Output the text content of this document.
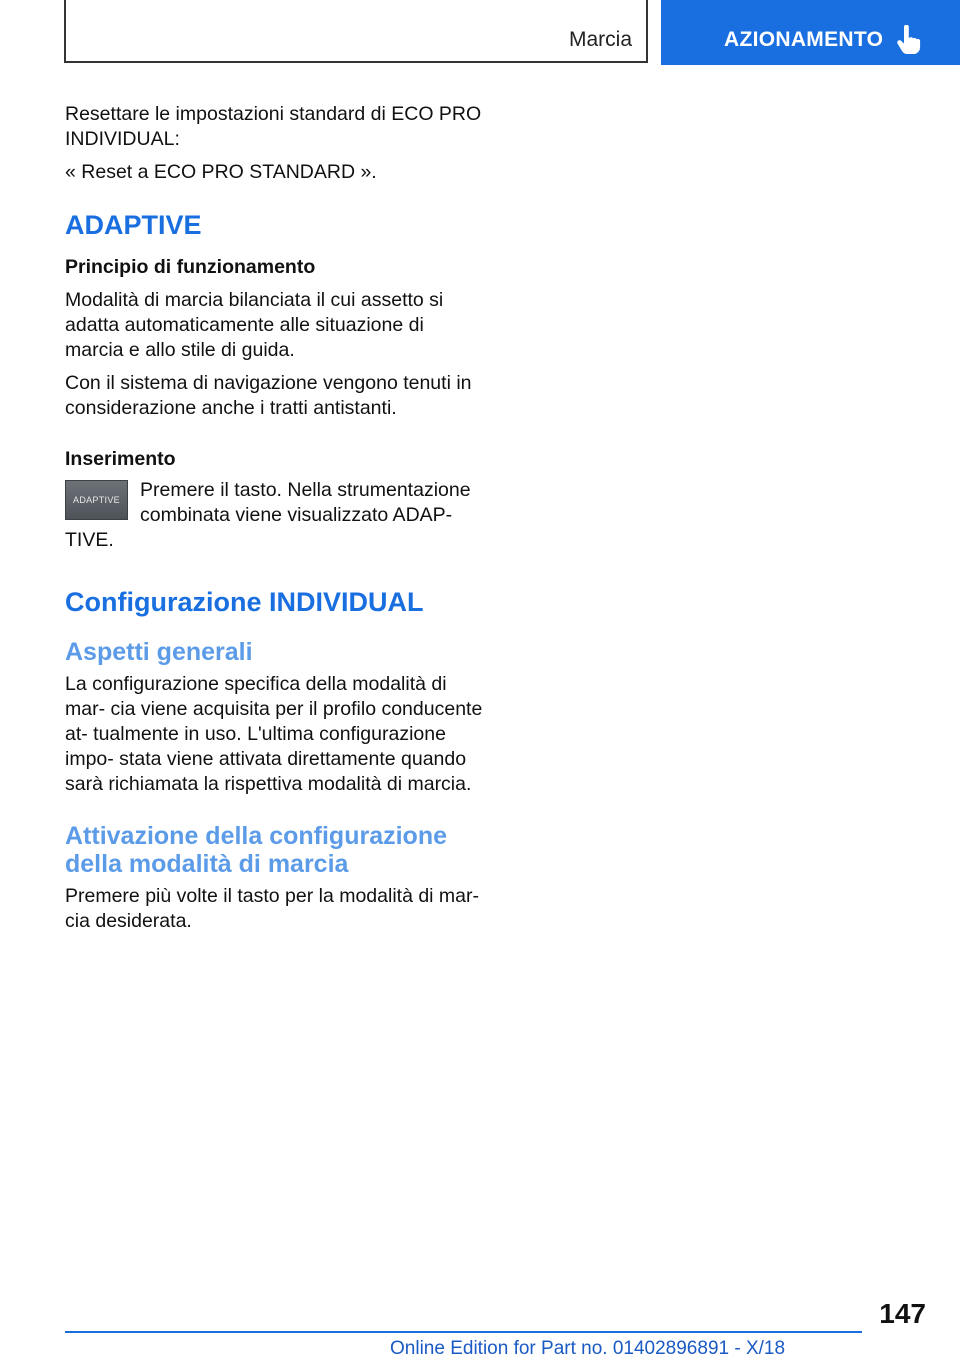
Marcia	AZIONAMENTO

Resettare le impostazioni standard di ECO PRO INDIVIDUAL:

« Reset a ECO PRO STANDARD ».

ADAPTIVE
Principio di funzionamento

Modalità di marcia bilanciata il cui assetto si adatta automaticamente alle situazione di marcia e allo stile di guida.

Con il sistema di navigazione vengono tenuti in considerazione anche i tratti antistanti.

Inserimento
ADAPTIVE	Premere il tasto. Nella strumentazione combinata viene visualizzato ADAP‐

TIVE.

Configurazione INDIVIDUAL
Aspetti generali

La configurazione specifica della modalità di mar‐ cia viene acquisita per il profilo conducente at‐ tualmente in uso. L'ultima configurazione impo‐ stata viene attivata direttamente quando sarà richiamata la rispettiva modalità di marcia.

Attivazione della configurazione della modalità di marcia

Premere più volte il tasto per la modalità di mar‐ cia desiderata.

147
Online Edition for Part no. 01402896891 - X/18
